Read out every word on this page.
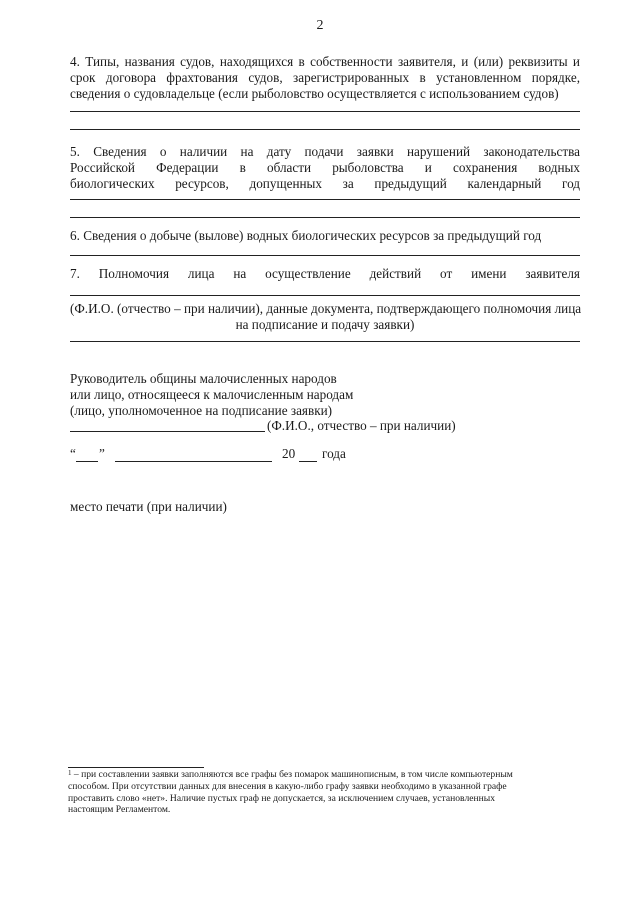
2
4. Типы, названия судов, находящихся в собственности заявителя, и (или) реквизиты и
срок договора фрахтования судов, зарегистрированных в установленном порядке,
сведения о судовладельце (если рыболовство осуществляется с использованием судов)
5. Сведения о наличии на дату подачи заявки нарушений законодательства
Российской Федерации в области рыболовства и сохранения водных
биологических ресурсов, допущенных за предыдущий календарный год
6. Сведения о добыче (вылове) водных биологических ресурсов за предыдущий год
7. Полномочия лица на осуществление действий от имени заявителя
(Ф.И.О. (отчество – при наличии), данные документа, подтверждающего полномочия лица
на подписание и подачу заявки)
Руководитель общины малочисленных народов
или лицо, относящееся к малочисленным народам
(лицо, уполномоченное на подписание заявки)
(Ф.И.О., отчество – при наличии)
“ ”	20 года
место печати (при наличии)
$^1$ – при составлении заявки заполняются все графы без помарок машинописным, в том числе компьютерным
способом. При отсутствии данных для внесения в какую-либо графу заявки необходимо в указанной графе
проставить слово «нет». Наличие пустых граф не допускается, за исключением случаев, установленных
настоящим Регламентом.
